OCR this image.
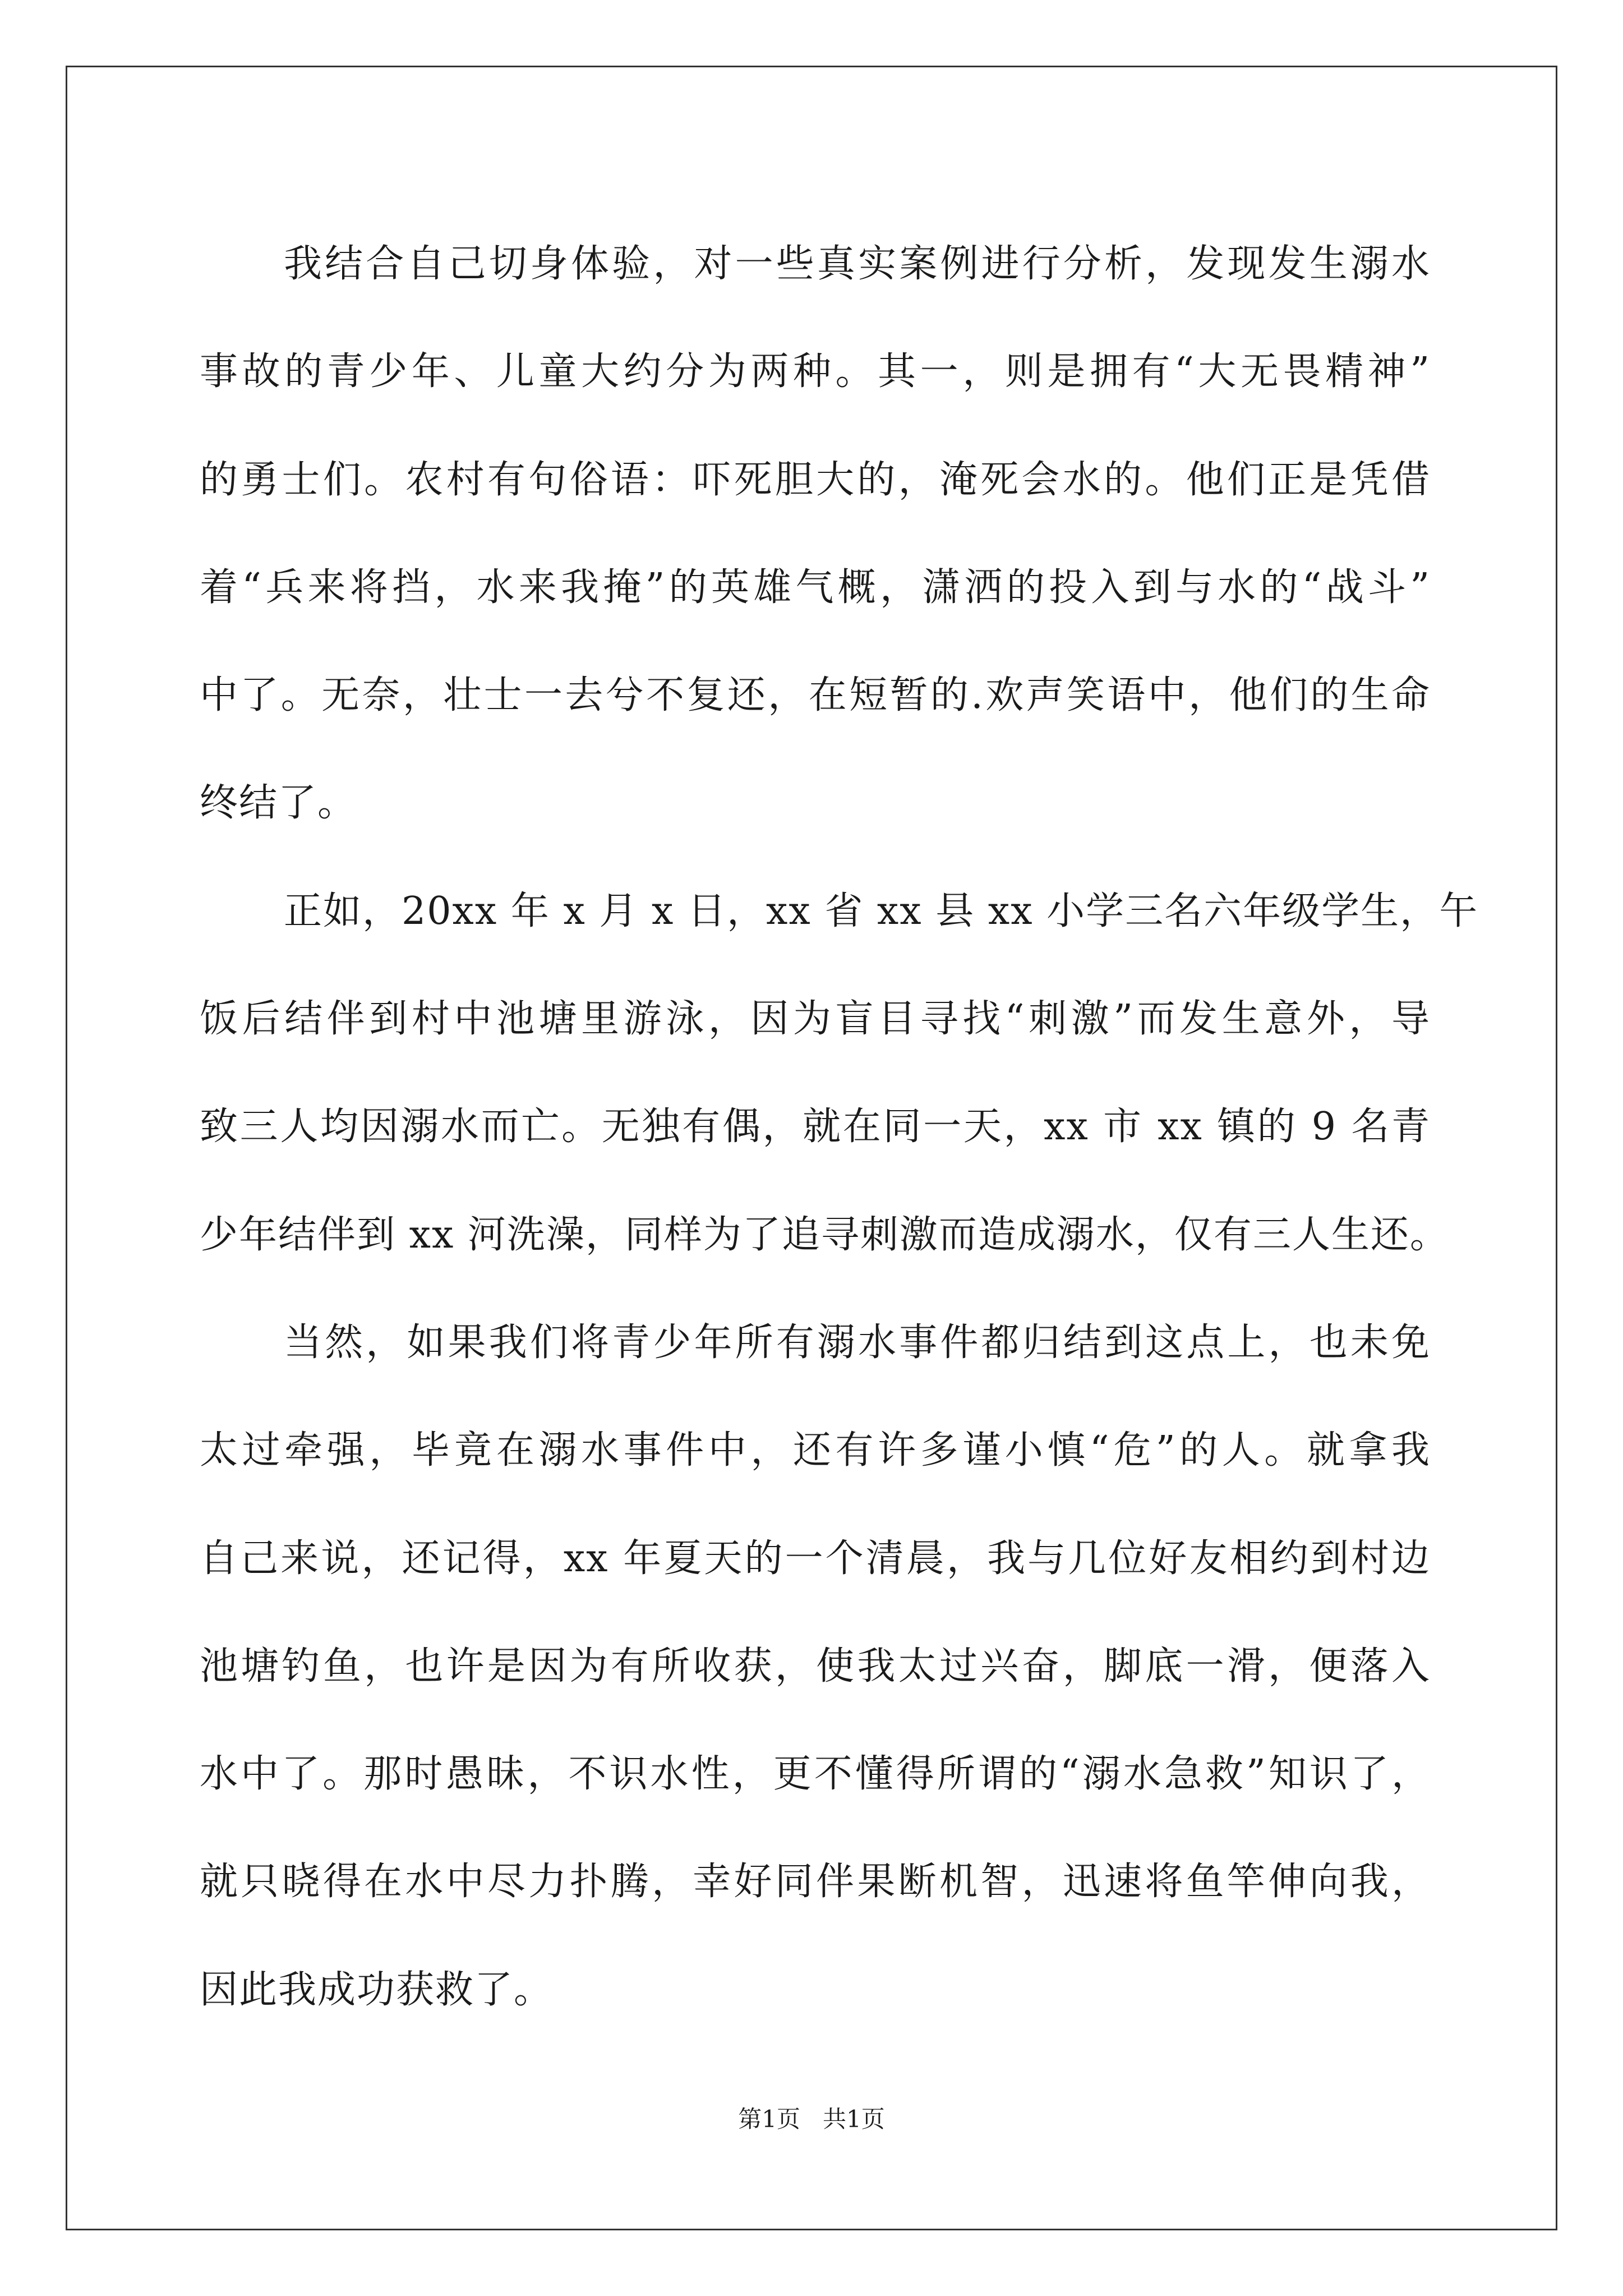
我结合自己切身体验，对一些真实案例进行分析，发现发生溺水
事故的青少年、儿童大约分为两种。其一，则是拥有“大无畏精神”
的勇士们。农村有句俗语：吓死胆大的，淹死会水的。他们正是凭借
着“兵来将挡，水来我掩”的英雄气概，潇洒的投入到与水的“战斗”
中了。无奈，壮士一去兮不复还，在短暂的.欢声笑语中，他们的生命
终结了。

正如，20xx 年 x 月 x 日，xx 省 xx 县 xx 小学三名六年级学生，午
饭后结伴到村中池塘里游泳，因为盲目寻找“刺激”而发生意外，导
致三人均因溺水而亡。无独有偶，就在同一天，xx 市 xx 镇的 9 名青
少年结伴到 xx 河洗澡，同样为了追寻刺激而造成溺水，仅有三人生还。

当然，如果我们将青少年所有溺水事件都归结到这点上，也未免
太过牵强，毕竟在溺水事件中，还有许多谨小慎“危”的人。就拿我
自己来说，还记得，xx 年夏天的一个清晨，我与几位好友相约到村边
池塘钓鱼，也许是因为有所收获，使我太过兴奋，脚底一滑，便落入
水中了。那时愚昧，不识水性，更不懂得所谓的“溺水急救”知识了，
就只晓得在水中尽力扑腾，幸好同伴果断机智，迅速将鱼竿伸向我，
因此我成功获救了。

第1页   共1页
